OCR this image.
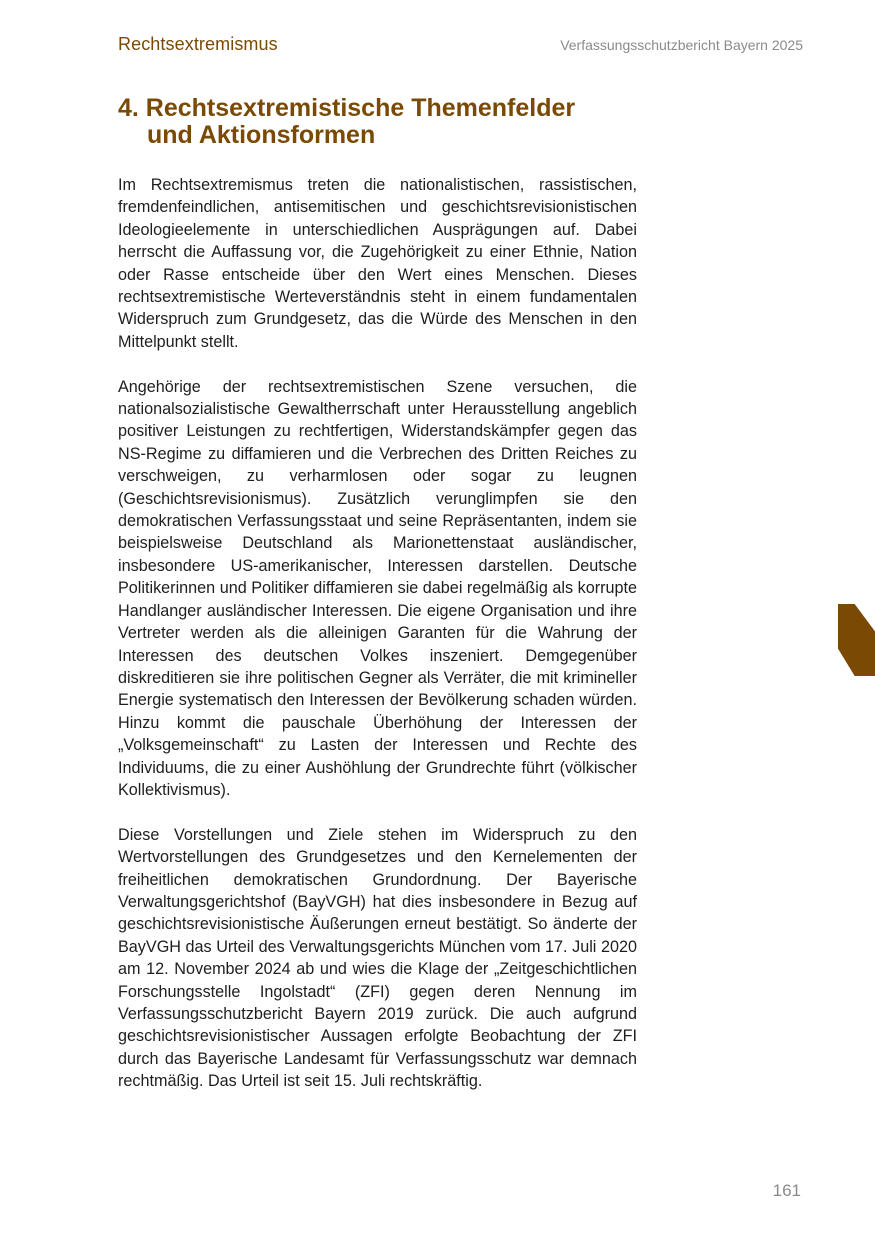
Rechtsextremismus	Verfassungsschutzbericht Bayern 2025
4. Rechtsextremistische Themenfelder
und Aktionsformen

Im Rechtsextremismus treten die nationalistischen, rassistischen, fremdenfeindlichen, antisemitischen und geschichtsrevisionistischen Ideologieelemente in unterschiedlichen Ausprägungen auf. Dabei herrscht die Auffassung vor, die Zugehörigkeit zu einer Ethnie, Nation oder Rasse entscheide über den Wert eines Menschen. Dieses rechtsextremistische Werteverständnis steht in einem fundamentalen Widerspruch zum Grundgesetz, das die Würde des Menschen in den Mittelpunkt stellt.

Angehörige der rechtsextremistischen Szene versuchen, die nationalsozialistische Gewaltherrschaft unter Herausstellung angeblich positiver Leistungen zu rechtfertigen, Widerstandskämpfer gegen das NS-Regime zu diffamieren und die Verbrechen des Dritten Reiches zu verschweigen, zu verharmlosen oder sogar zu leugnen (Geschichtsrevisionismus). Zusätzlich verunglimpfen sie den demokratischen Verfassungsstaat und seine Repräsentanten, indem sie beispielsweise Deutschland als Marionettenstaat ausländischer, insbesondere US-amerikanischer, Interessen darstellen. Deutsche Politikerinnen und Politiker diffamieren sie dabei regelmäßig als korrupte Handlanger ausländischer Interessen. Die eigene Organisation und ihre Vertreter werden als die alleinigen Garanten für die Wahrung der Interessen des deutschen Volkes inszeniert. Demgegenüber diskreditieren sie ihre politischen Gegner als Verräter, die mit krimineller Energie systematisch den Interessen der Bevölkerung schaden würden. Hinzu kommt die pauschale Überhöhung der Interessen der „Volksgemeinschaft“ zu Lasten der Interessen und Rechte des Individuums, die zu einer Aushöhlung der Grundrechte führt (völkischer Kollektivismus).

Diese Vorstellungen und Ziele stehen im Widerspruch zu den Wertvorstellungen des Grundgesetzes und den Kernelementen der freiheitlichen demokratischen Grundordnung. Der Bayerische Verwaltungsgerichtshof (BayVGH) hat dies insbesondere in Bezug auf geschichtsrevisionistische Äußerungen erneut bestätigt. So änderte der BayVGH das Urteil des Verwaltungsgerichts München vom 17. Juli 2020 am 12. November 2024 ab und wies die Klage der „Zeitgeschichtlichen Forschungsstelle Ingolstadt“ (ZFI) gegen deren Nennung im Verfassungsschutzbericht Bayern 2019 zurück. Die auch aufgrund geschichtsrevisionistischer Aussagen erfolgte Beobachtung der ZFI durch das Bayerische Landesamt für Verfassungsschutz war demnach rechtmäßig. Das Urteil ist seit 15. Juli rechtskräftig.

161
